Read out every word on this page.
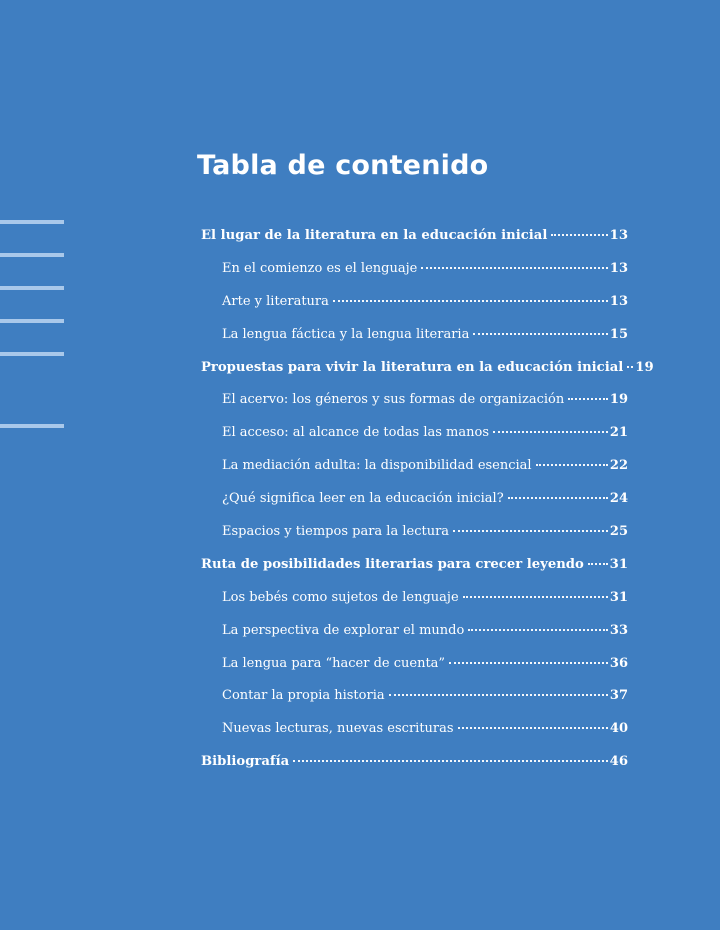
Tabla de contenido
El lugar de la literatura en la educación inicial	13
En el comienzo es el lenguaje	13
Arte y literatura	13
La lengua fáctica y la lengua literaria	15
Propuestas para vivir la literatura en la educación inicial 19
El acervo: los géneros y sus formas de organización	19
El acceso: al alcance de todas las manos	21
La mediación adulta: la disponibilidad esencial	22
¿Qué significa leer en la educación inicial?	24
Espacios y tiempos para la lectura	25
Ruta de posibilidades literarias para crecer leyendo 31
Los bebés como sujetos de lenguaje	31
La perspectiva de explorar el mundo	33
La lengua para “hacer de cuenta”	36
Contar la propia historia	37
Nuevas lecturas, nuevas escrituras	40
Bibliografía	46
